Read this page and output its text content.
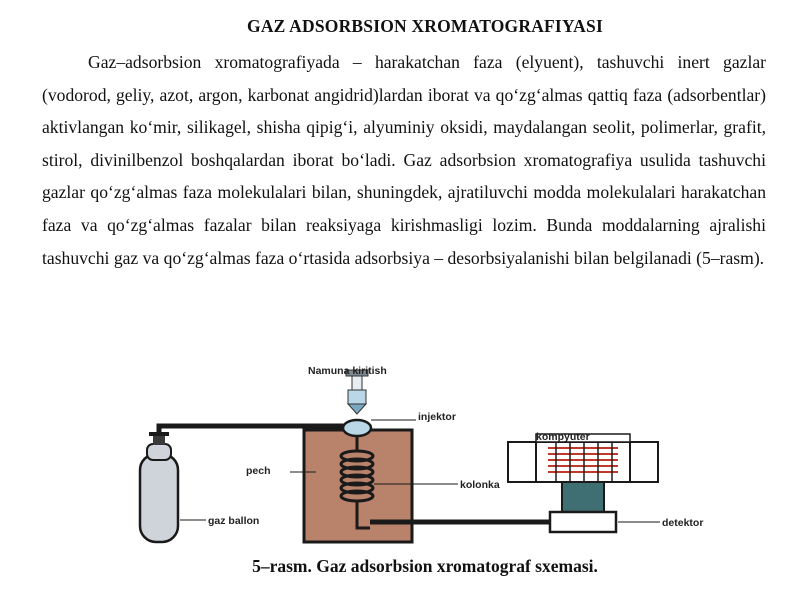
GAZ ADSORBSION XROMATOGRAFIYASI
Gaz–adsorbsion xromatografiyada – harakatchan faza (elyuent), tashuvchi inert gazlar (vodorod, geliy, azot, argon, karbonat angidrid)lardan iborat va qo‘zg‘almas qattiq faza (adsorbentlar) aktivlangan ko‘mir, silikagel, shisha qipig‘i, alyuminiy oksidi, maydalangan seolit, polimerlar, grafit, stirol, divinilbenzol boshqalardan iborat bo‘ladi. Gaz adsorbsion xromatografiya usulida tashuvchi gazlar qo‘zg‘almas faza molekulalari bilan, shuningdek, ajratiluvchi modda molekulalari harakatchan faza va qo‘zg‘almas fazalar bilan reaksiyaga kirishmasligi lozim. Bunda moddalarning ajralishi tashuvchi gaz va qo‘zg‘almas faza o‘rtasida adsorbsiya – desorbsiyalanishi bilan belgilanadi (5–rasm).
Namuna kiritish
injektor
pech
kolonka
gaz ballon
kompyuter
detektor
5–rasm. Gaz adsorbsion xromatograf sxemasi.
